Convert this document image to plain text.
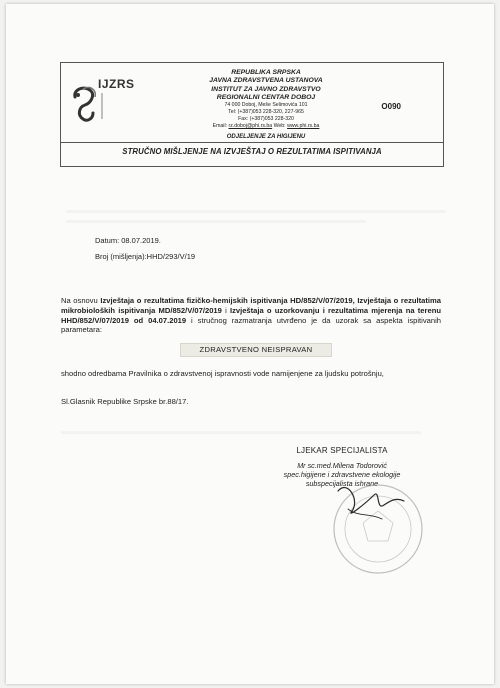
IJZRS
REPUBLIKA SRPSKA
JAVNA ZDRAVSTVENA USTANOVA
INSTITUT ZA JAVNO ZDRAVSTVO
REGIONALNI CENTAR DOBOJ
74 000 Doboj, Meše Selimovića 101
Tel: (+387)053 228-320, 227-965
Fax: (+387)053 228-320
Email: rz.doboj@phi.rs.ba Web: www.phi.rs.ba
ODJELJENJE ZA HIGIJENU
O090
STRUČNO MIŠLJENJE NA IZVJEŠTAJ O REZULTATIMA ISPITIVANJA
Datum: 08.07.2019.
Broj (mišljenja):HHD/293/V/19
Na osnovu Izvještaja o rezultatima fizičko-hemijskih ispitivanja HD/852/V/07/2019, Izvještaja o rezultatima mikrobioloških ispitivanja MD/852/V/07/2019 i Izvještaja o uzorkovanju i rezultatima mjerenja na terenu HHD/852/V/07/2019 od 04.07.2019 i stručnog razmatranja utvrđeno je da uzorak sa aspekta ispitivanih parametara:
ZDRAVSTVENO NEISPRAVAN
shodno odredbama Pravilnika o zdravstvenoj ispravnosti vode namijenjene za ljudsku potrošnju,
Sl.Glasnik Republike Srpske br.88/17.
LJEKAR SPECIJALISTA
Mr sc.med.Milena Todorović
spec.higijene i zdravstvene ekologije
subspecijalista ishrane
